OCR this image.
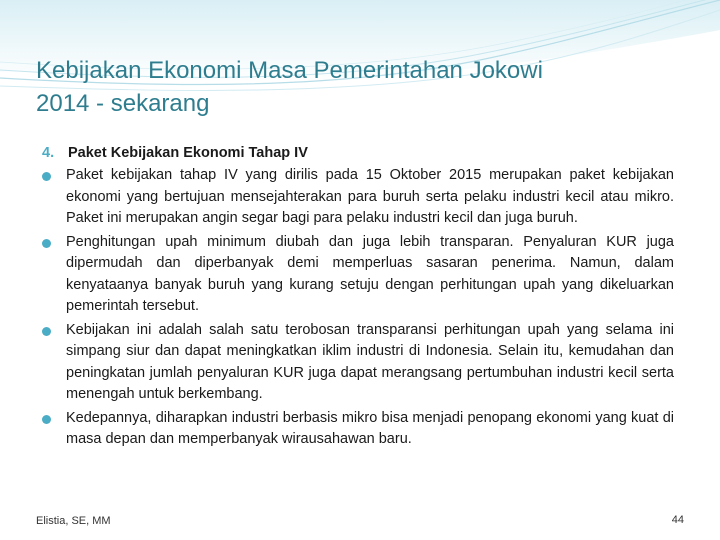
Kebijakan Ekonomi Masa Pemerintahan Jokowi
2014 - sekarang
4. Paket Kebijakan Ekonomi Tahap IV
Paket kebijakan tahap IV yang dirilis pada 15 Oktober 2015 merupakan paket kebijakan ekonomi yang bertujuan mensejahterakan para buruh serta pelaku industri kecil atau mikro. Paket ini merupakan angin segar bagi para pelaku industri kecil dan juga buruh.
Penghitungan upah minimum diubah dan juga lebih transparan. Penyaluran KUR juga dipermudah dan diperbanyak demi memperluas sasaran penerima. Namun, dalam kenyataanya banyak buruh yang kurang setuju dengan perhitungan upah yang dikeluarkan pemerintah tersebut.
Kebijakan ini adalah salah satu terobosan transparansi perhitungan upah yang selama ini simpang siur dan dapat meningkatkan iklim industri di Indonesia. Selain itu, kemudahan dan peningkatan jumlah penyaluran KUR juga dapat merangsang pertumbuhan industri kecil serta menengah untuk berkembang.
Kedepannya, diharapkan industri berbasis mikro bisa menjadi penopang ekonomi yang kuat di masa depan dan memperbanyak wirausahawan baru.
Elistia, SE, MM	44
